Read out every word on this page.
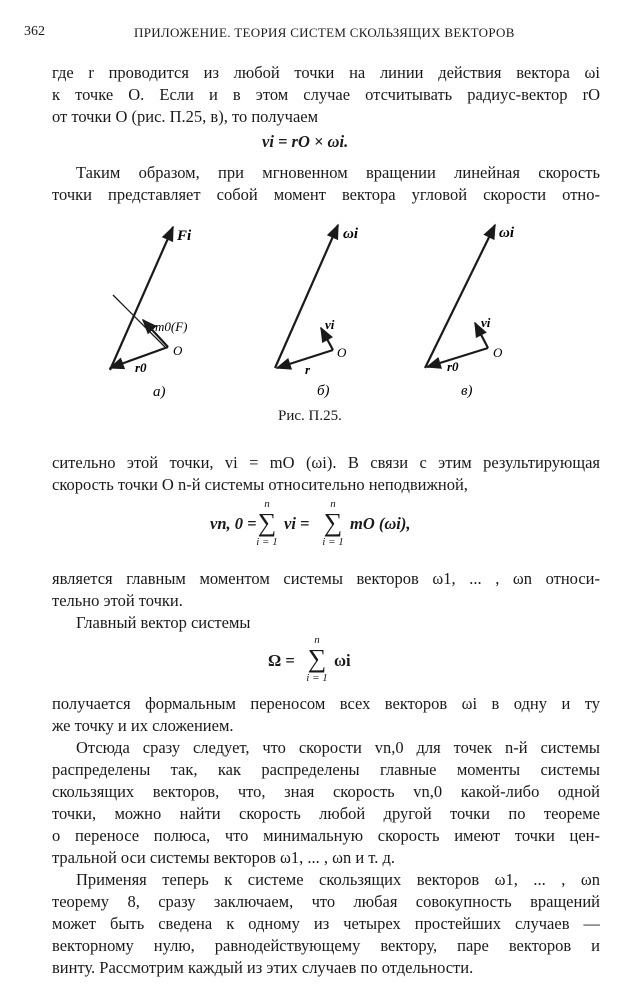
362	ПРИЛОЖЕНИЕ. ТЕОРИЯ СИСТЕМ СКОЛЬЗЯЩИХ ВЕКТОРОВ
где r проводится из любой точки на линии действия вектора ωi
к точке O. Если и в этом случае отсчитывать радиус-вектор rO
от точки O (рис. П.25, в), то получаем
vi = rO × ωi.
Таким образом, при мгновенном вращении линейная скорость
точки представляет собой момент вектора угловой скорости отно-
Fi
m0(F)
O
r0
а)
ωi
vi
O
r
б)
ωi
vi
O
r0
в)
Рис. П.25.
сительно этой точки, vi = mO (ωi). В связи с этим результирующая
скорость точки O n-й системы относительно неподвижной,
vn, 0 =
n
∑
i = 1
vi =
n
∑
i = 1
mO (ωi),
является главным моментом системы векторов ω1, ... , ωn относи-
тельно этой точки.
Главный вектор системы
Ω =
n
∑
i = 1
ωi
получается формальным переносом всех векторов ωi в одну и ту
же точку и их сложением.
Отсюда сразу следует, что скорости vn,0 для точек n-й системы
распределены так, как распределены главные моменты системы
скользящих векторов, что, зная скорость vn,0 какой-либо одной
точки, можно найти скорость любой другой точки по теореме
о переносе полюса, что минимальную скорость имеют точки цен-
тральной оси системы векторов ω1, ... , ωn и т. д.
Применяя теперь к системе скользящих векторов ω1, ... , ωn
теорему 8, сразу заключаем, что любая совокупность вращений
может быть сведена к одному из четырех простейших случаев —
векторному нулю, равнодействующему вектору, паре векторов и
винту. Рассмотрим каждый из этих случаев по отдельности.
